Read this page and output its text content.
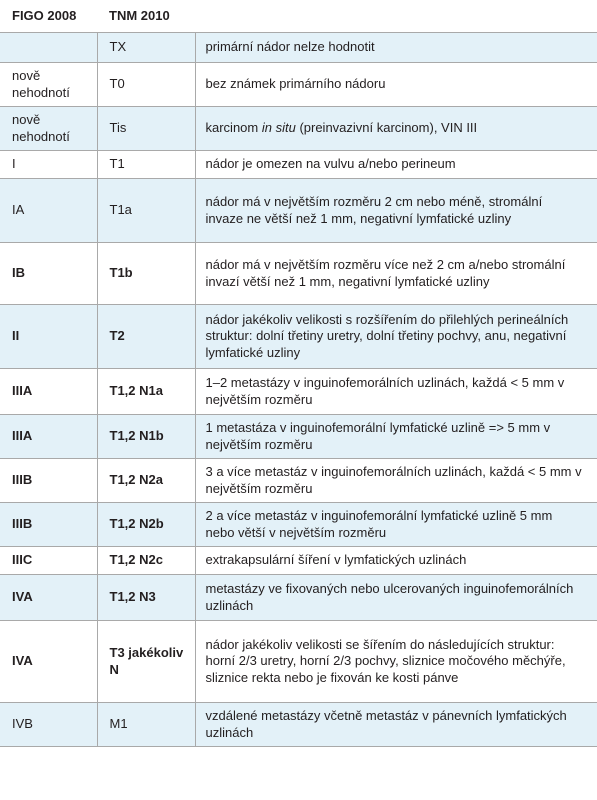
FIGO 2008	TNM 2010	
	TX	primární nádor nelze hodnotit
nově nehodnotí	T0	bez známek primárního nádoru
nově nehodnotí	Tis	karcinom in situ (preinvazivní karcinom), VIN III
I	T1	nádor je omezen na vulvu a/nebo perineum
IA	T1a	nádor má v největším rozměru 2 cm nebo méně, stromální invaze ne větší než 1 mm, negativní lymfatické uzliny
IB	T1b	nádor má v největším rozměru více než 2 cm a/nebo stromální invazí větší než 1 mm, negativní lymfatické uzliny
II	T2	nádor jakékoliv velikosti s rozšířením do přilehlých perineálních struktur: dolní třetiny uretry, dolní třetiny pochvy, anu, negativní lymfatické uzliny
IIIA	T1,2 N1a	1–2 metastázy v inguinofemorálních uzlinách, každá < 5 mm v největším rozměru
IIIA	T1,2 N1b	1 metastáza v inguinofemorální lymfatické uzlině => 5 mm v největším rozměru
IIIB	T1,2 N2a	3 a více metastáz v inguinofemorálních uzlinách, každá < 5 mm v největším rozměru
IIIB	T1,2 N2b	2 a více metastáz v inguinofemorální lymfatické uzlině 5 mm nebo větší v největším rozměru
IIIC	T1,2 N2c	extrakapsulární šíření v lymfatických uzlinách
IVA	T1,2 N3	metastázy ve fixovaných nebo ulcerovaných inguinofemorálních uzlinách
IVA	T3 jakékoliv N	nádor jakékoliv velikosti se šířením do následujících struktur: horní 2/3 uretry, horní 2/3 pochvy, sliznice močového měchýře, sliznice rekta nebo je fixován ke kosti pánve
IVB	M1	vzdálené metastázy včetně metastáz v pánevních lymfatických uzlinách
